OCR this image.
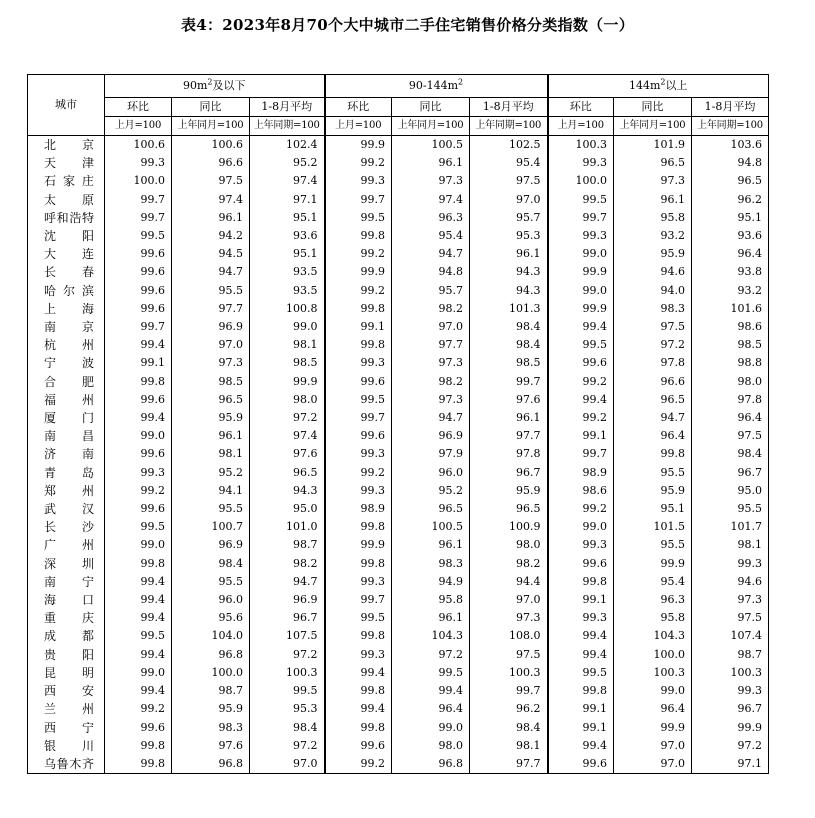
表4：2023年8月70个大中城市二手住宅销售价格分类指数（一）
城市	$90m^2$及以下			$90-144m^2$			$144m^2$以上		
	环比	同比	1-8月平均	环比	同比	1-8月平均	环比	同比	1-8月平均
	上月=100	上年同月=100	上年同期=100	上月=100	上年同月=100	上年同期=100	上月=100	上年同月=100	上年同期=100
北京	100.6	100.6	102.4	99.9	100.5	102.5	100.3	101.9	103.6
天津	99.3	96.6	95.2	99.2	96.1	95.4	99.3	96.5	94.8
石家庄	100.0	97.5	97.4	99.3	97.3	97.5	100.0	97.3	96.5
太原	99.7	97.4	97.1	99.7	97.4	97.0	99.5	96.1	96.2
呼和浩特	99.7	96.1	95.1	99.5	96.3	95.7	99.7	95.8	95.1
沈阳	99.5	94.2	93.6	99.8	95.4	95.3	99.3	93.2	93.6
大连	99.6	94.5	95.1	99.2	94.7	96.1	99.0	95.9	96.4
长春	99.6	94.7	93.5	99.9	94.8	94.3	99.9	94.6	93.8
哈尔滨	99.6	95.5	93.5	99.2	95.7	94.3	99.0	94.0	93.2
上海	99.6	97.7	100.8	99.8	98.2	101.3	99.9	98.3	101.6
南京	99.7	96.9	99.0	99.1	97.0	98.4	99.4	97.5	98.6
杭州	99.4	97.0	98.1	99.8	97.7	98.4	99.5	97.2	98.5
宁波	99.1	97.3	98.5	99.3	97.3	98.5	99.6	97.8	98.8
合肥	99.8	98.5	99.9	99.6	98.2	99.7	99.2	96.6	98.0
福州	99.6	96.5	98.0	99.5	97.3	97.6	99.4	96.5	97.8
厦门	99.4	95.9	97.2	99.7	94.7	96.1	99.2	94.7	96.4
南昌	99.0	96.1	97.4	99.6	96.9	97.7	99.1	96.4	97.5
济南	99.6	98.1	97.6	99.3	97.9	97.8	99.7	99.8	98.4
青岛	99.3	95.2	96.5	99.2	96.0	96.7	98.9	95.5	96.7
郑州	99.2	94.1	94.3	99.3	95.2	95.9	98.6	95.9	95.0
武汉	99.6	95.5	95.0	98.9	96.5	96.5	99.2	95.1	95.5
长沙	99.5	100.7	101.0	99.8	100.5	100.9	99.0	101.5	101.7
广州	99.0	96.9	98.7	99.9	96.1	98.0	99.3	95.5	98.1
深圳	99.8	98.4	98.2	99.8	98.3	98.2	99.6	99.9	99.3
南宁	99.4	95.5	94.7	99.3	94.9	94.4	99.8	95.4	94.6
海口	99.4	96.0	96.9	99.7	95.8	97.0	99.1	96.3	97.3
重庆	99.4	95.6	96.7	99.5	96.1	97.3	99.3	95.8	97.5
成都	99.5	104.0	107.5	99.8	104.3	108.0	99.4	104.3	107.4
贵阳	99.4	96.8	97.2	99.3	97.2	97.5	99.4	100.0	98.7
昆明	99.0	100.0	100.3	99.4	99.5	100.3	99.5	100.3	100.3
西安	99.4	98.7	99.5	99.8	99.4	99.7	99.8	99.0	99.3
兰州	99.2	95.9	95.3	99.4	96.4	96.2	99.1	96.4	96.7
西宁	99.6	98.3	98.4	99.8	99.0	98.4	99.1	99.9	99.9
银川	99.8	97.6	97.2	99.6	98.0	98.1	99.4	97.0	97.2
乌鲁木齐	99.8	96.8	97.0	99.2	96.8	97.7	99.6	97.0	97.1
